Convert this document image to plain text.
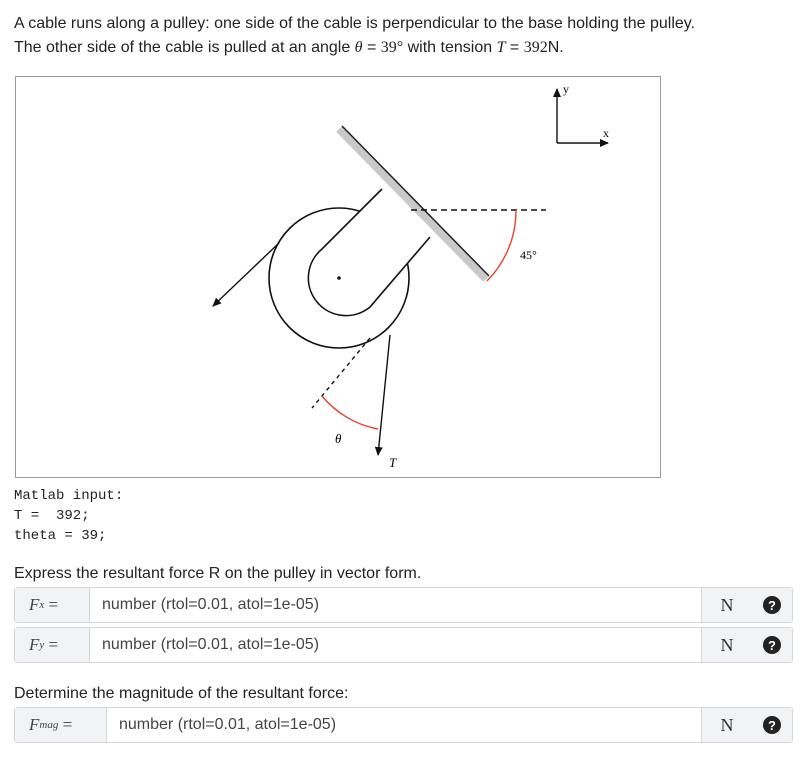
A cable runs along a pulley: one side of the cable is perpendicular to the base holding the pulley.
The other side of the cable is pulled at an angle θ = 39° with tension T = 392N.
y
x
45°
θ
T
Matlab input:
T =  392;
theta = 39;
Express the resultant force R on the pulley in vector form.
F x =
number (rtol=0.01, atol=1e-05)	N	?
F y =
number (rtol=0.01, atol=1e-05)	N	?
Determine the magnitude of the resultant force:
F mag =
number (rtol=0.01, atol=1e-05)	N	?
